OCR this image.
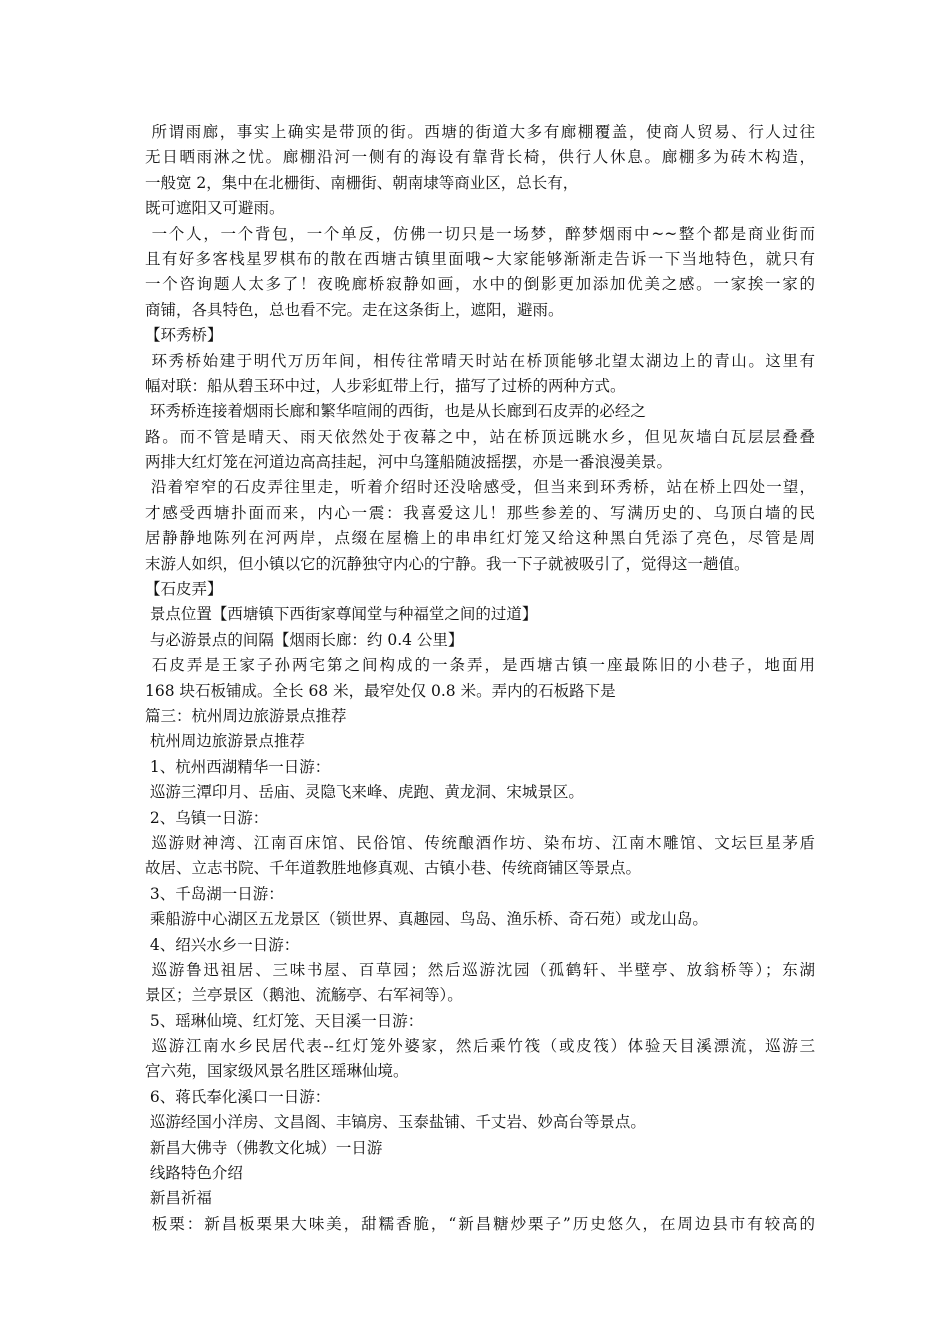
所谓雨廊，事实上确实是带顶的街。西塘的街道大多有廊棚覆盖，使商人贸易、行人过往
无日晒雨淋之忧。廊棚沿河一侧有的海设有靠背长椅，供行人休息。廊棚多为砖木构造，
一般宽 2，集中在北栅街、南栅街、朝南埭等商业区，总长有，
既可遮阳又可避雨。
一个人，一个背包，一个单反，仿佛一切只是一场梦，醉梦烟雨中~~整个都是商业街而
且有好多客栈星罗棋布的散在西塘古镇里面哦~大家能够渐渐走告诉一下当地特色，就只有
一个咨询题人太多了！夜晚廊桥寂静如画，水中的倒影更加添加优美之感。一家挨一家的
商铺，各具特色，总也看不完。走在这条街上，遮阳，避雨。
【环秀桥】
环秀桥始建于明代万历年间，相传往常晴天时站在桥顶能够北望太湖边上的青山。这里有
幅对联：船从碧玉环中过，人步彩虹带上行，描写了过桥的两种方式。
环秀桥连接着烟雨长廊和繁华喧闹的西街，也是从长廊到石皮弄的必经之
路。而不管是晴天、雨天依然处于夜幕之中，站在桥顶远眺水乡，但见灰墙白瓦层层叠叠
两排大红灯笼在河道边高高挂起，河中乌篷船随波摇摆，亦是一番浪漫美景。
沿着窄窄的石皮弄往里走，听着介绍时还没啥感受，但当来到环秀桥，站在桥上四处一望，
才感受西塘扑面而来，内心一震：我喜爱这儿！那些参差的、写满历史的、乌顶白墙的民
居静静地陈列在河两岸，点缀在屋檐上的串串红灯笼又给这种黑白凭添了亮色，尽管是周
末游人如织，但小镇以它的沉静独守内心的宁静。我一下子就被吸引了，觉得这一趟值。
【石皮弄】
景点位置【西塘镇下西街家尊闻堂与种福堂之间的过道】
与必游景点的间隔【烟雨长廊：约 0.4 公里】
石皮弄是王家子孙两宅第之间构成的一条弄，是西塘古镇一座最陈旧的小巷子，地面用
168 块石板铺成。全长 68 米，最窄处仅 0.8 米。弄内的石板路下是
篇三：杭州周边旅游景点推荐
杭州周边旅游景点推荐
1、杭州西湖精华一日游：
巡游三潭印月、岳庙、灵隐飞来峰、虎跑、黄龙洞、宋城景区。
2、乌镇一日游：
巡游财神湾、江南百床馆、民俗馆、传统酿酒作坊、染布坊、江南木雕馆、文坛巨星茅盾
故居、立志书院、千年道教胜地修真观、古镇小巷、传统商铺区等景点。
3、千岛湖一日游：
乘船游中心湖区五龙景区（锁世界、真趣园、鸟岛、渔乐桥、奇石苑）或龙山岛。
4、绍兴水乡一日游：
巡游鲁迅祖居、三味书屋、百草园；然后巡游沈园（孤鹤轩、半壁亭、放翁桥等）；东湖
景区；兰亭景区（鹅池、流觞亭、右军祠等）。
5、瑶琳仙境、红灯笼、天目溪一日游：
巡游江南水乡民居代表--红灯笼外婆家，然后乘竹筏（或皮筏）体验天目溪漂流，巡游三
宫六苑，国家级风景名胜区瑶琳仙境。
6、蒋氏奉化溪口一日游：
巡游经国小洋房、文昌阁、丰镐房、玉泰盐铺、千丈岩、妙高台等景点。
新昌大佛寺（佛教文化城）一日游
线路特色介绍
新昌祈福
板栗：新昌板栗果大味美，甜糯香脆，“新昌糖炒栗子”历史悠久，在周边县市有较高的
